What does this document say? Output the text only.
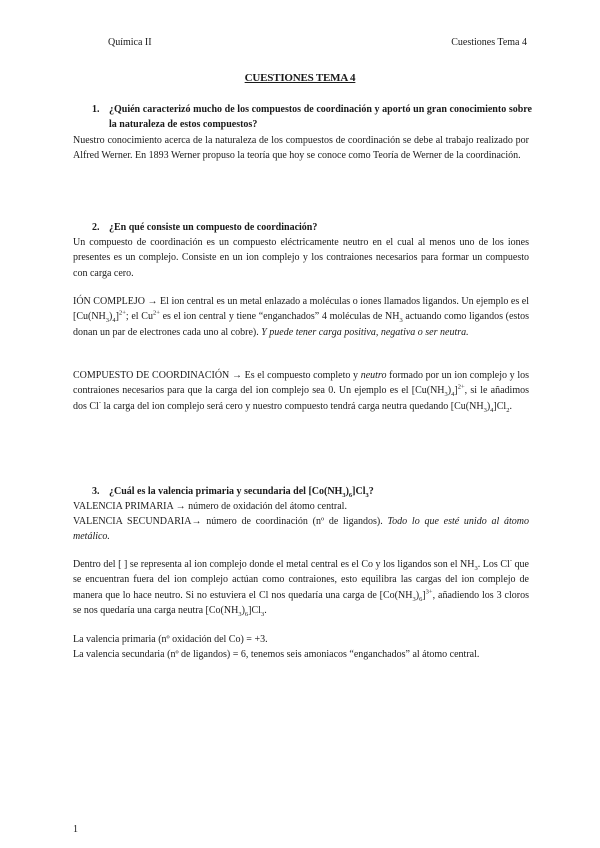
Química II	Cuestiones Tema 4
CUESTIONES TEMA 4
1. ¿Quién caracterizó mucho de los compuestos de coordinación y aportó un gran conocimiento sobre la naturaleza de estos compuestos?
Nuestro conocimiento acerca de la naturaleza de los compuestos de coordinación se debe al trabajo realizado por Alfred Werner. En 1893 Werner propuso la teoría que hoy se conoce como Teoría de Werner de la coordinación.
2. ¿En qué consiste un compuesto de coordinación?
Un compuesto de coordinación es un compuesto eléctricamente neutro en el cual al menos uno de los iones presentes es un complejo. Consiste en un ion complejo y los contraiones necesarios para formar un compuesto con carga cero.
IÓN COMPLEJO → El ion central es un metal enlazado a moléculas o iones llamados ligandos. Un ejemplo es el $[Cu(NH_3)_4]^{2+}$; el $Cu^{2+}$ es el ion central y tiene “enganchados” 4 moléculas de $NH_3$ actuando como ligandos (estos donan un par de electrones cada uno al cobre). Y puede tener carga positiva, negativa o ser neutra.
COMPUESTO DE COORDINACIÓN → Es el compuesto completo y neutro formado por un ion complejo y los contraiones necesarios para que la carga del ion complejo sea 0. Un ejemplo es el $[Cu(NH_3)_4]^{2+}$, si le añadimos dos Cl- la carga del ion complejo será cero y nuestro compuesto tendrá carga neutra quedando $[Cu(NH_3)_4]Cl_2$.
3. ¿Cuál es la valencia primaria y secundaria del $[Co(NH_3)_6]Cl_3$?
VALENCIA PRIMARIA → número de oxidación del átomo central.
VALENCIA SECUNDARIA→ número de coordinación (nº de ligandos). Todo lo que esté unido al átomo metálico.
Dentro del [ ] se representa al ion complejo donde el metal central es el Co y los ligandos son el $NH_3$. Los Cl- que se encuentran fuera del ion complejo actúan como contraiones, esto equilibra las cargas del ion complejo de manera que lo hace neutro. Si no estuviera el Cl nos quedaría una carga de $[Co(NH_3)_6]^{3+}$, añadiendo los 3 cloros se nos quedaría una carga neutra $[Co(NH_3)_6]Cl_3$.
La valencia primaria (nº oxidación del Co) = +3.
La valencia secundaria (nº de ligandos) = 6, tenemos seis amoniacos “enganchados” al átomo central.
1
